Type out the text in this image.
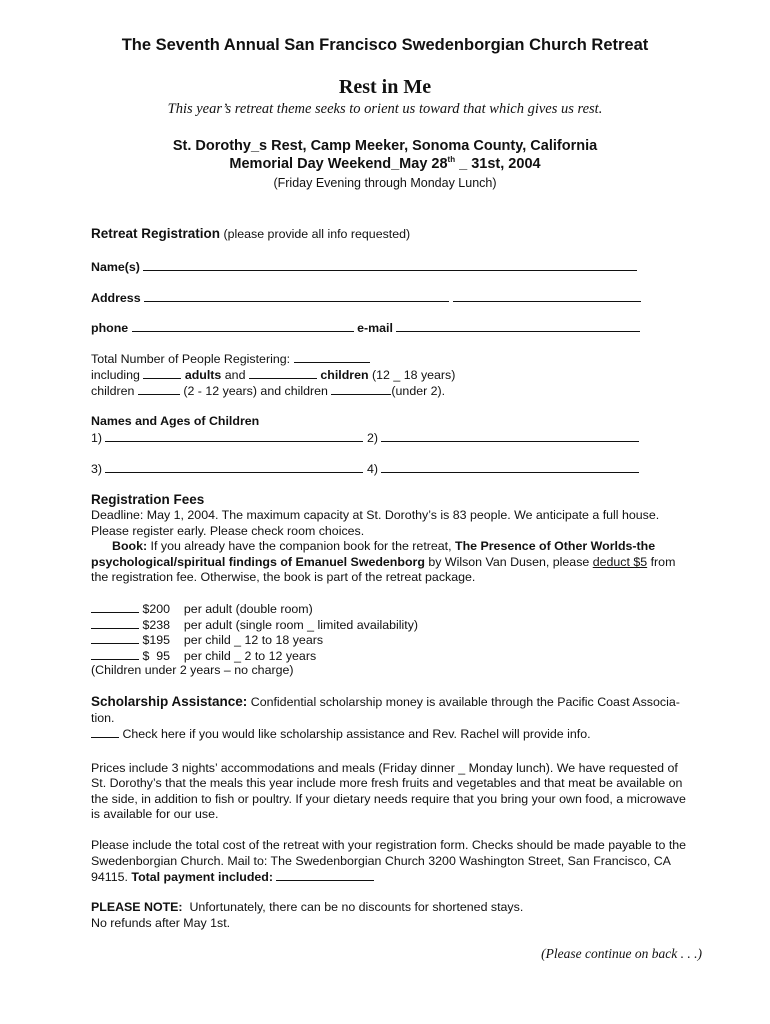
The Seventh Annual San Francisco Swedenborgian Church Retreat
Rest in Me
This year’s retreat theme seeks to orient us toward that which gives us rest.
St. Dorothy_s Rest, Camp Meeker, Sonoma County, California
Memorial Day Weekend_May 28th _ 31st, 2004
(Friday Evening through Monday Lunch)
Retreat Registration (please provide all info requested)
Name(s)
Address
phone	e-mail
Total Number of People Registering:
including	adults and	children (12 _ 18 years)
children	(2 - 12 years) and children	(under 2).
Names and Ages of Children
1)	2)
3)	4)
Registration Fees
Deadline: May 1, 2004. The maximum capacity at St. Dorothy’s is 83 people. We anticipate a full house.
Please register early. Please check room choices.
Book: If you already have the companion book for the retreat, The Presence of Other Worlds-the
psychological/spiritual findings of Emanuel Swedenborg by Wilson Van Dusen, please deduct $5 from
the registration fee. Otherwise, the book is part of the retreat package.
$200 per adult (double room)
$238 per adult (single room _ limited availability)
$195 per child _ 12 to 18 years
$  95 per child _ 2 to 12 years
(Children under 2 years – no charge)
Scholarship Assistance: Confidential scholarship money is available through the Pacific Coast Associa-
tion.
Check here if you would like scholarship assistance and Rev. Rachel will provide info.
Prices include 3 nights’ accommodations and meals (Friday dinner _ Monday lunch). We have requested of
St. Dorothy’s that the meals this year include more fresh fruits and vegetables and that meat be available on
the side, in addition to fish or poultry. If your dietary needs require that you bring your own food, a microwave
is available for our use.
Please include the total cost of the retreat with your registration form. Checks should be made payable to the
Swedenborgian Church. Mail to: The Swedenborgian Church 3200 Washington Street, San Francisco, CA
94115. Total payment included:
PLEASE NOTE:  Unfortunately, there can be no discounts for shortened stays.
No refunds after May 1st.
(Please continue on back . . .)
